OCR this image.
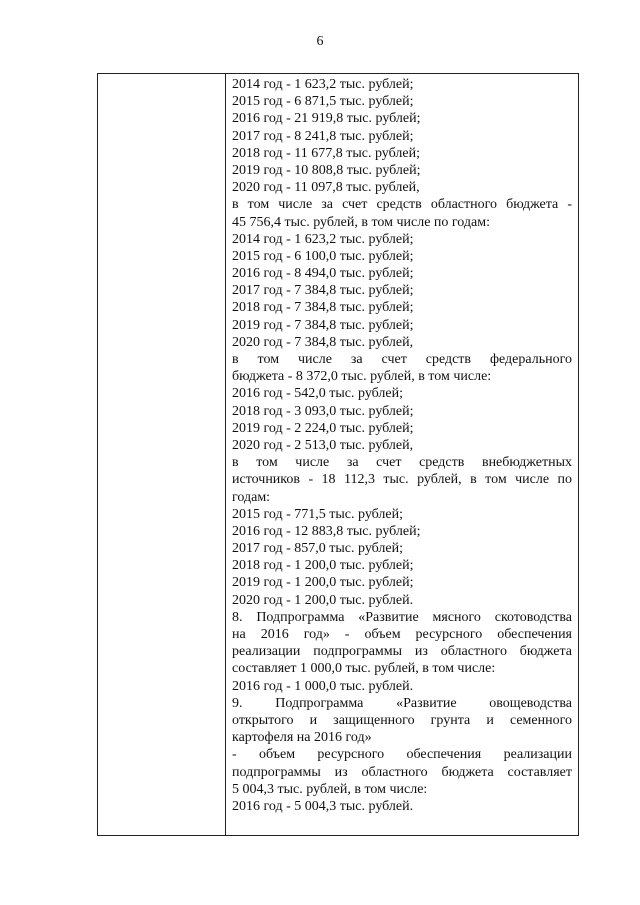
6
2014 год - 1 623,2 тыс. рублей;
2015 год - 6 871,5 тыс. рублей;
2016 год - 21 919,8 тыс. рублей;
2017 год - 8 241,8 тыс. рублей;
2018 год - 11 677,8 тыс. рублей;
2019 год - 10 808,8 тыс. рублей;
2020 год - 11 097,8 тыс. рублей,
в том числе за счет средств областного бюджета -
45 756,4 тыс. рублей, в том числе по годам:
2014 год - 1 623,2 тыс. рублей;
2015 год - 6 100,0 тыс. рублей;
2016 год - 8 494,0 тыс. рублей;
2017 год - 7 384,8 тыс. рублей;
2018 год - 7 384,8 тыс. рублей;
2019 год - 7 384,8 тыс. рублей;
2020 год - 7 384,8 тыс. рублей,
в том числе за счет средств федерального
бюджета - 8 372,0 тыс. рублей, в том числе:
2016 год - 542,0 тыс. рублей;
2018 год - 3 093,0 тыс. рублей;
2019 год - 2 224,0 тыс. рублей;
2020 год - 2 513,0 тыс. рублей,
в том числе за счет средств внебюджетных
источников - 18 112,3 тыс. рублей, в том числе по
годам:
2015 год - 771,5 тыс. рублей;
2016 год - 12 883,8 тыс. рублей;
2017 год - 857,0 тыс. рублей;
2018 год - 1 200,0 тыс. рублей;
2019 год - 1 200,0 тыс. рублей;
2020 год - 1 200,0 тыс. рублей.
8. Подпрограмма «Развитие мясного скотоводства
на 2016 год» - объем ресурсного обеспечения
реализации подпрограммы из областного бюджета
составляет 1 000,0 тыс. рублей, в том числе:
2016 год - 1 000,0 тыс. рублей.
9. Подпрограмма «Развитие овощеводства
открытого и защищенного грунта и семенного
картофеля на 2016 год»
- объем ресурсного обеспечения реализации
подпрограммы из областного бюджета составляет
5 004,3 тыс. рублей, в том числе:
2016 год - 5 004,3 тыс. рублей.
